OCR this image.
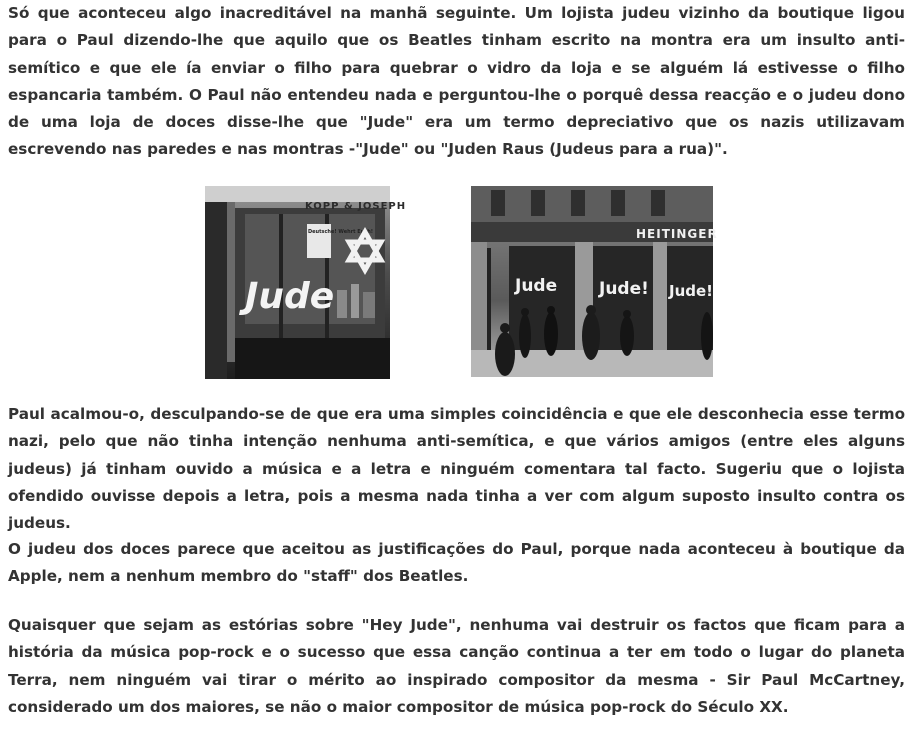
Só que aconteceu algo inacreditável na manhã seguinte. Um lojista judeu vizinho da boutique ligou para o Paul dizendo-lhe que aquilo que os Beatles tinham escrito na montra era um insulto anti-semítico e que ele ía enviar o filho para quebrar o vidro da loja e se alguém lá estivesse o filho espancaria também. O Paul não entendeu nada e perguntou-lhe o porquê dessa reacção e o judeu dono de uma loja de doces disse-lhe que "Jude" era um termo depreciativo que os nazis utilizavam escrevendo nas paredes e nas montras -"Jude" ou "Juden Raus (Judeus para a rua)".

KOPP & JOSEPH
Deutsche! Wehrt Euch!
Jude
HEITINGER
Jude Jude! Jude!

Paul acalmou-o, desculpando-se de que era uma simples coincidência e que ele desconhecia esse termo nazi, pelo que não tinha intenção nenhuma anti-semítica, e que vários amigos (entre eles alguns judeus) já tinham ouvido a música e a letra e ninguém comentara tal facto. Sugeriu que o lojista ofendido ouvisse depois a letra, pois a mesma nada tinha a ver com algum suposto insulto contra os judeus.

O judeu dos doces parece que aceitou as justificações do Paul, porque nada aconteceu à boutique da Apple, nem a nenhum membro do "staff" dos Beatles.

Quaisquer que sejam as estórias sobre "Hey Jude", nenhuma vai destruir os factos que ficam para a história da música pop-rock e o sucesso que essa canção continua a ter em todo o lugar do planeta Terra, nem ninguém vai tirar o mérito ao inspirado compositor da mesma - Sir Paul McCartney, considerado um dos maiores, se não o maior compositor de música pop-rock do Século XX.
